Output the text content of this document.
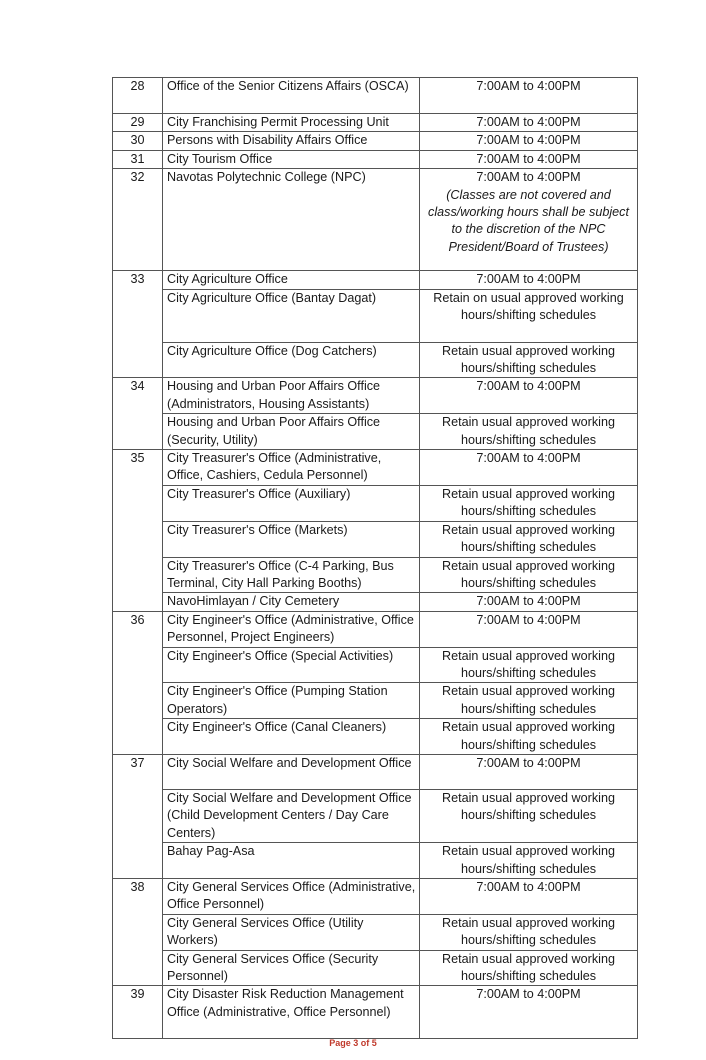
28	Office of the Senior Citizens Affairs (OSCA)	7:00AM to 4:00PM
29	City Franchising Permit Processing Unit	7:00AM to 4:00PM
30	Persons with Disability Affairs Office	7:00AM to 4:00PM
31	City Tourism Office	7:00AM to 4:00PM
32	Navotas Polytechnic College (NPC)	7:00AM to 4:00PM
(Classes are not covered and class/working hours shall be subject to the discretion of the NPC President/Board of Trustees)

33	City Agriculture Office	7:00AM to 4:00PM
	City Agriculture Office (Bantay Dagat)	Retain on usual approved working hours/shifting schedules
	City Agriculture Office (Dog Catchers)	Retain usual approved working hours/shifting schedules
34	Housing and Urban Poor Affairs Office (Administrators, Housing Assistants)	7:00AM to 4:00PM
	Housing and Urban Poor Affairs Office (Security, Utility)	Retain usual approved working hours/shifting schedules
35	City Treasurer's Office (Administrative, Office, Cashiers, Cedula Personnel)	7:00AM to 4:00PM
	City Treasurer's Office (Auxiliary)	Retain usual approved working hours/shifting schedules
	City Treasurer's Office (Markets)	Retain usual approved working hours/shifting schedules
	City Treasurer's Office (C-4 Parking, Bus Terminal, City Hall Parking Booths)	Retain usual approved working hours/shifting schedules
	NavoHimlayan / City Cemetery	7:00AM to 4:00PM
36	City Engineer's Office (Administrative, Office Personnel, Project Engineers)	7:00AM to 4:00PM
	City Engineer's Office (Special Activities)	Retain usual approved working hours/shifting schedules
	City Engineer's Office (Pumping Station Operators)	Retain usual approved working hours/shifting schedules
	City Engineer's Office (Canal Cleaners)	Retain usual approved working hours/shifting schedules
37	City Social Welfare and Development Office	7:00AM to 4:00PM
	City Social Welfare and Development Office (Child Development Centers / Day Care Centers)	Retain usual approved working hours/shifting schedules
	Bahay Pag-Asa	Retain usual approved working hours/shifting schedules
38	City General Services Office (Administrative, Office Personnel)	7:00AM to 4:00PM
	City General Services Office (Utility Workers)	Retain usual approved working hours/shifting schedules
	City General Services Office (Security Personnel)	Retain usual approved working hours/shifting schedules
39	City Disaster Risk Reduction Management Office (Administrative, Office Personnel)	7:00AM to 4:00PM
Page 3 of 5
